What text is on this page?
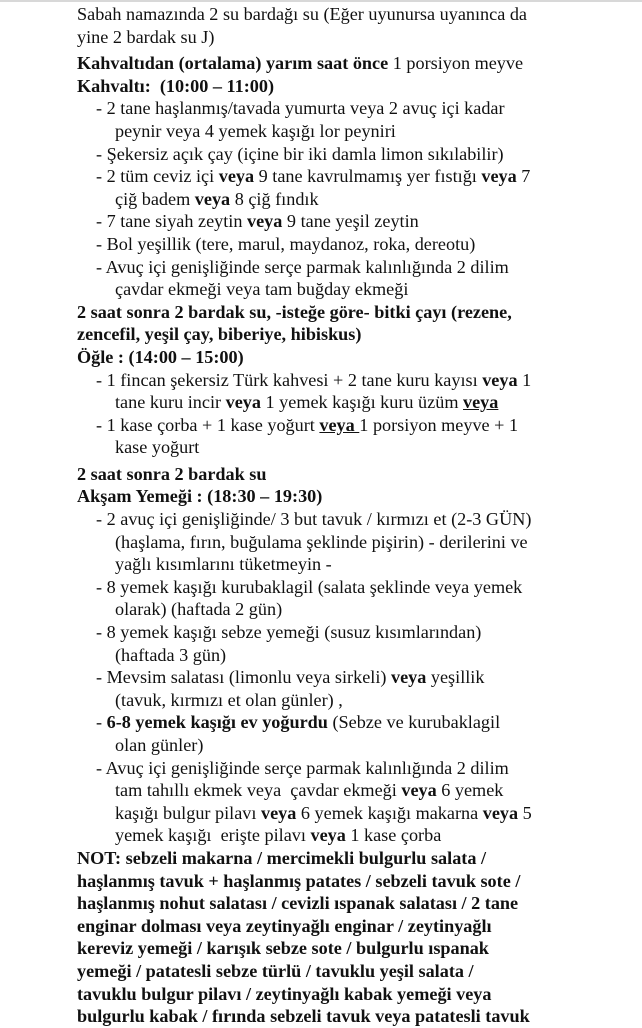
Sabah namazında 2 su bardağı su (Eğer uyunursa uyanınca da
yine 2 bardak su J)
Kahvaltıdan (ortalama) yarım saat önce 1 porsiyon meyve
Kahvaltı:  (10:00 – 11:00)
- 2 tane haşlanmış/tavada yumurta veya 2 avuç içi kadar
peynir veya 4 yemek kaşığı lor peyniri
- Şekersiz açık çay (içine bir iki damla limon sıkılabilir)
- 2 tüm ceviz içi veya 9 tane kavrulmamış yer fıstığı veya 7
çiğ badem veya 8 çiğ fındık
- 7 tane siyah zeytin veya 9 tane yeşil zeytin
- Bol yeşillik (tere, marul, maydanoz, roka, dereotu)
- Avuç içi genişliğinde serçe parmak kalınlığında 2 dilim
çavdar ekmeği veya tam buğday ekmeği
2 saat sonra 2 bardak su, -isteğe göre- bitki çayı (rezene,
zencefil, yeşil çay, biberiye, hibiskus)
Öğle : (14:00 – 15:00)
- 1 fincan şekersiz Türk kahvesi + 2 tane kuru kayısı veya 1
tane kuru incir veya 1 yemek kaşığı kuru üzüm veya
- 1 kase çorba + 1 kase yoğurt veya 1 porsiyon meyve + 1
kase yoğurt
2 saat sonra 2 bardak su
Akşam Yemeği : (18:30 – 19:30)
- 2 avuç içi genişliğinde/ 3 but tavuk / kırmızı et (2-3 GÜN)
(haşlama, fırın, buğulama şeklinde pişirin) - derilerini ve
yağlı kısımlarını tüketmeyin -
- 8 yemek kaşığı kurubaklagil (salata şeklinde veya yemek
olarak) (haftada 2 gün)
- 8 yemek kaşığı sebze yemeği (susuz kısımlarından)
(haftada 3 gün)
- Mevsim salatası (limonlu veya sirkeli) veya yeşillik
(tavuk, kırmızı et olan günler) ,
- 6-8 yemek kaşığı ev yoğurdu (Sebze ve kurubaklagil
olan günler)
- Avuç içi genişliğinde serçe parmak kalınlığında 2 dilim
tam tahıllı ekmek veya  çavdar ekmeği veya 6 yemek
kaşığı bulgur pilavı veya 6 yemek kaşığı makarna veya 5
yemek kaşığı  erişte pilavı veya 1 kase çorba
NOT: sebzeli makarna / mercimekli bulgurlu salata /
haşlanmış tavuk + haşlanmış patates / sebzeli tavuk sote /
haşlanmış nohut salatası / cevizli ıspanak salatası / 2 tane
enginar dolması veya zeytinyağlı enginar / zeytinyağlı
kereviz yemeği / karışık sebze sote / bulgurlu ıspanak
yemeği / patatesli sebze türlü / tavuklu yeşil salata /
tavuklu bulgur pilavı / zeytinyağlı kabak yemeği veya
bulgurlu kabak / fırında sebzeli tavuk veya patatesli tavuk
